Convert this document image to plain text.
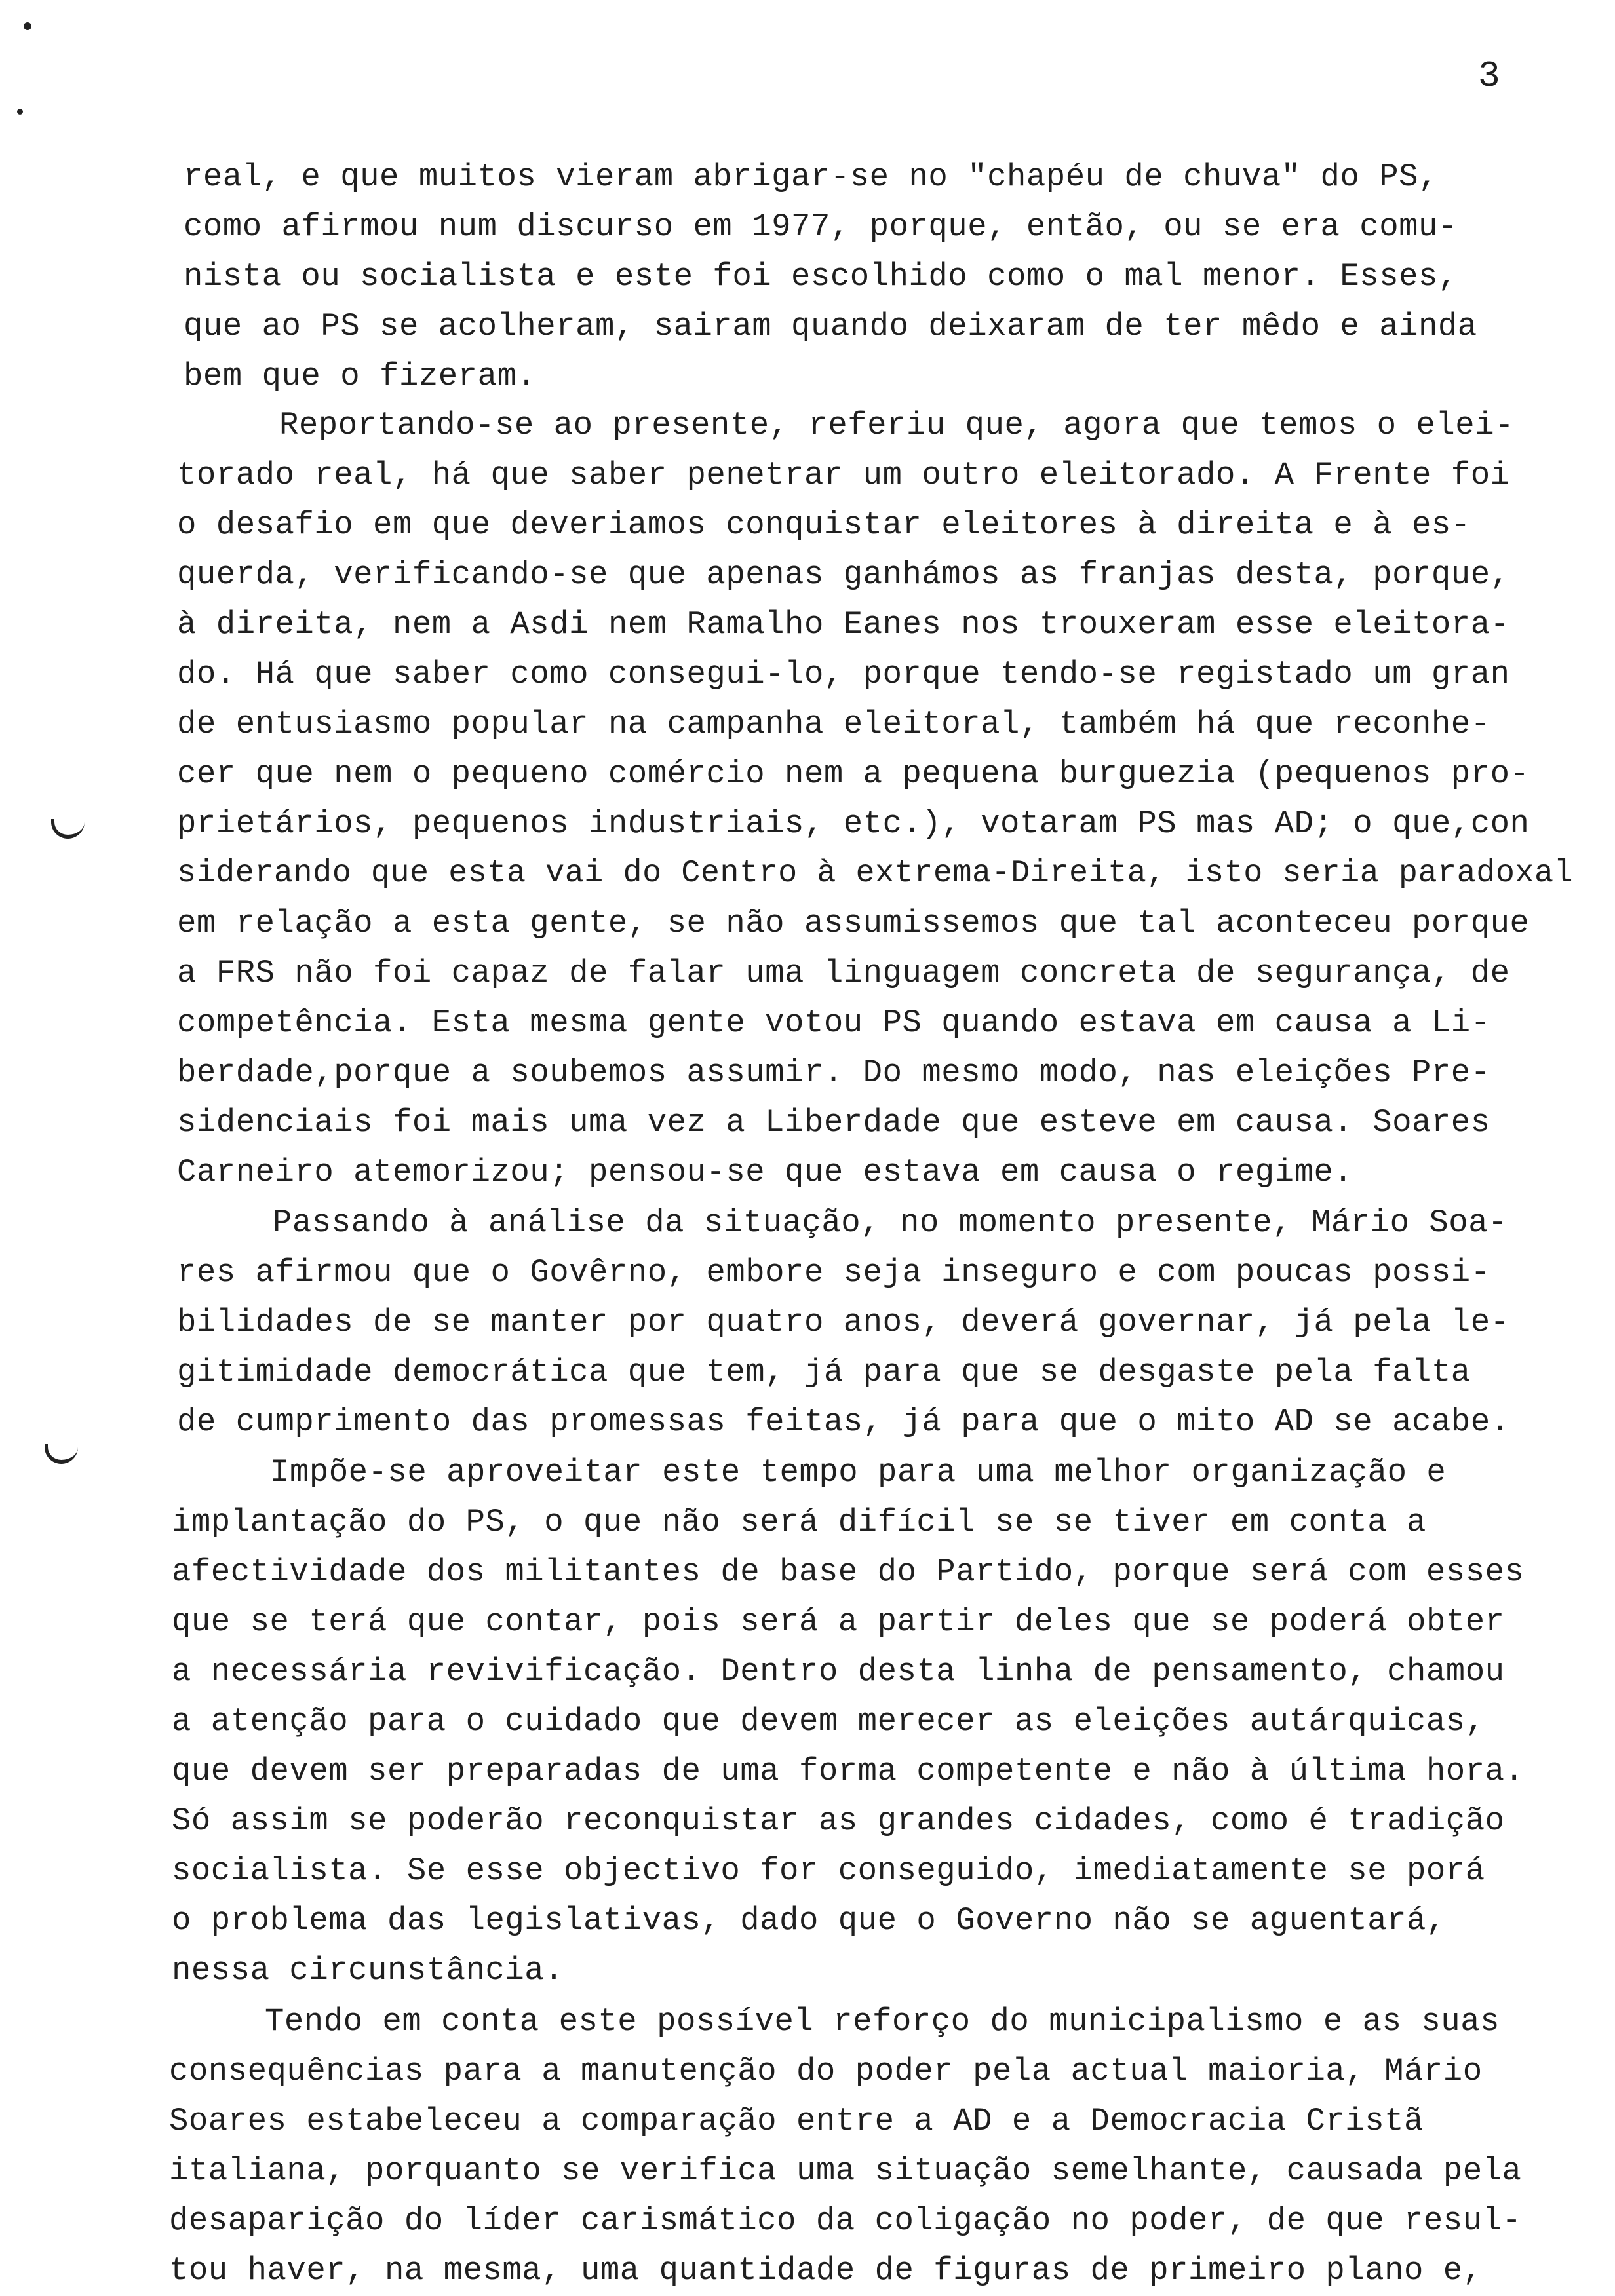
3
real, e que muitos vieram abrigar-se no "chapéu de chuva" do PS,
como afirmou num discurso em 1977, porque, então, ou se era comu-
nista ou socialista e este foi escolhido como o mal menor. Esses,
que ao PS se acolheram, sairam quando deixaram de ter mêdo e ainda
bem que o fizeram.
Reportando-se ao presente, referiu que, agora que temos o elei-
torado real, há que saber penetrar um outro eleitorado. A Frente foi
o desafio em que deveriamos conquistar eleitores à direita e à es-
querda, verificando-se que apenas ganhámos as franjas desta, porque,
à direita, nem a Asdi nem Ramalho Eanes nos trouxeram esse eleitora-
do. Há que saber como consegui-lo, porque tendo-se registado um gran
de entusiasmo popular na campanha eleitoral, também há que reconhe-
cer que nem o pequeno comércio nem a pequena burguezia (pequenos pro-
prietários, pequenos industriais, etc.), votaram PS mas AD; o que,con
siderando que esta vai do Centro à extrema-Direita, isto seria paradoxal
em relação a esta gente, se não assumissemos que tal aconteceu porque
a FRS não foi capaz de falar uma linguagem concreta de segurança, de
competência. Esta mesma gente votou PS quando estava em causa a Li-
berdade,porque a soubemos assumir. Do mesmo modo, nas eleições Pre-
sidenciais foi mais uma vez a Liberdade que esteve em causa. Soares
Carneiro atemorizou; pensou-se que estava em causa o regime.
Passando à análise da situação, no momento presente, Mário Soa-
res afirmou que o Govêrno, embore seja inseguro e com poucas possi-
bilidades de se manter por quatro anos, deverá governar, já pela le-
gitimidade democrática que tem, já para que se desgaste pela falta
de cumprimento das promessas feitas, já para que o mito AD se acabe.
Impõe-se aproveitar este tempo para uma melhor organização e
implantação do PS, o que não será difícil se se tiver em conta a
afectividade dos militantes de base do Partido, porque será com esses
que se terá que contar, pois será a partir deles que se poderá obter
a necessária revivificação. Dentro desta linha de pensamento, chamou
a atenção para o cuidado que devem merecer as eleições autárquicas,
que devem ser preparadas de uma forma competente e não à última hora.
Só assim se poderão reconquistar as grandes cidades, como é tradição
socialista. Se esse objectivo for conseguido, imediatamente se porá
o problema das legislativas, dado que o Governo não se aguentará,
nessa circunstância.
Tendo em conta este possível reforço do municipalismo e as suas
consequências para a manutenção do poder pela actual maioria, Mário
Soares estabeleceu a comparação entre a AD e a Democracia Cristã
italiana, porquanto se verifica uma situação semelhante, causada pela
desaparição do líder carismático da coligação no poder, de que resul-
tou haver, na mesma, uma quantidade de figuras de primeiro plano e,
